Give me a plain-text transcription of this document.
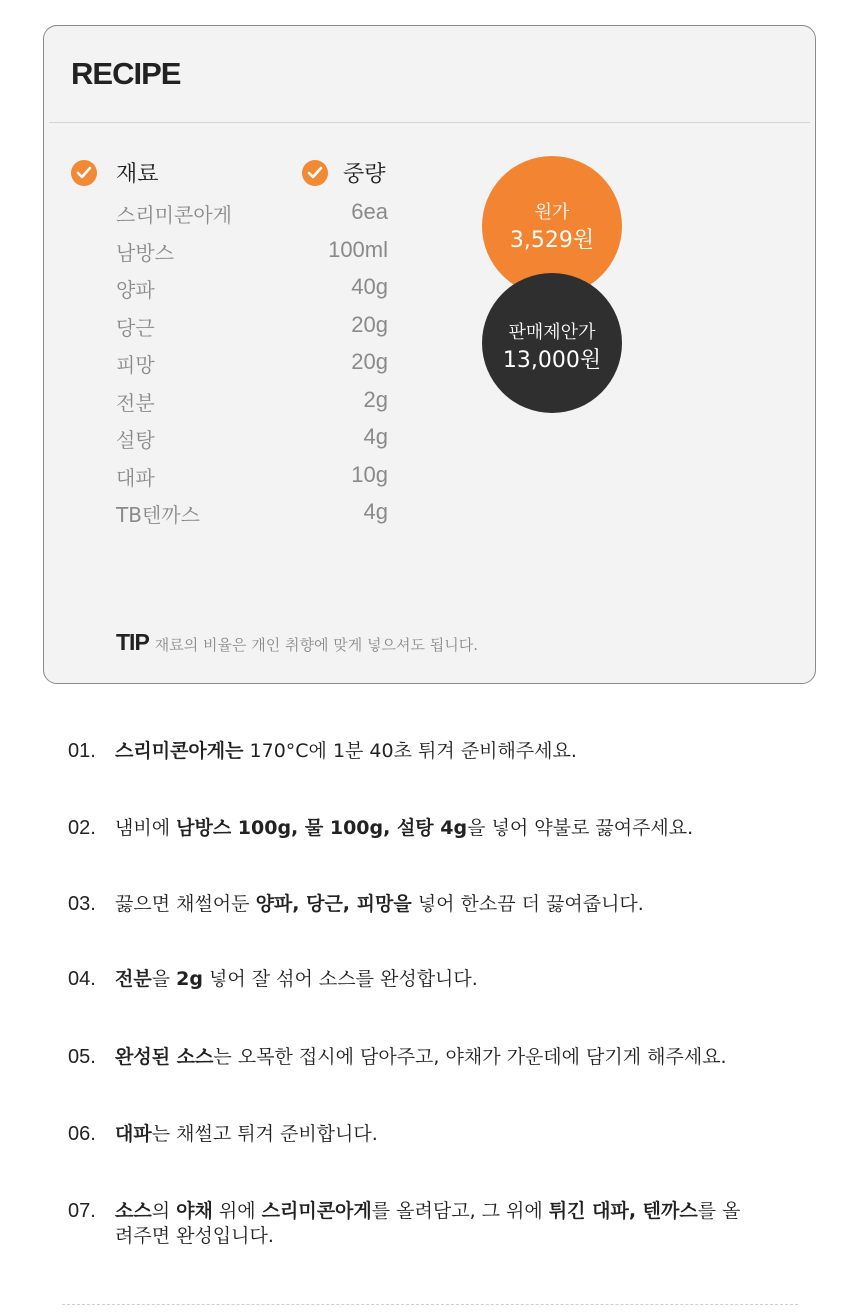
RECIPE
재료	중량
스리미콘아게	6ea
남방스	100ml
양파	40g
당근	20g
피망	20g
전분	2g
설탕	4g
대파	10g
TB텐까스	4g
원가
3,529원
판매제안가
13,000원
TIP 재료의 비율은 개인 취향에 맞게 넣으셔도 됩니다.
01. 스리미콘아게는 170°C에 1분 40초 튀겨 준비해주세요.
02. 냄비에 남방스 100g, 물 100g, 설탕 4g을 넣어 약불로 끓여주세요.
03. 끓으면 채썰어둔 양파, 당근, 피망을 넣어 한소끔 더 끓여줍니다.
04. 전분을 2g 넣어 잘 섞어 소스를 완성합니다.
05. 완성된 소스는 오목한 접시에 담아주고, 야채가 가운데에 담기게 해주세요.
06. 대파는 채썰고 튀겨 준비합니다.
07. 소스의 야채 위에 스리미콘아게를 올려담고, 그 위에 튀긴 대파, 텐까스를 올려주면 완성입니다.
